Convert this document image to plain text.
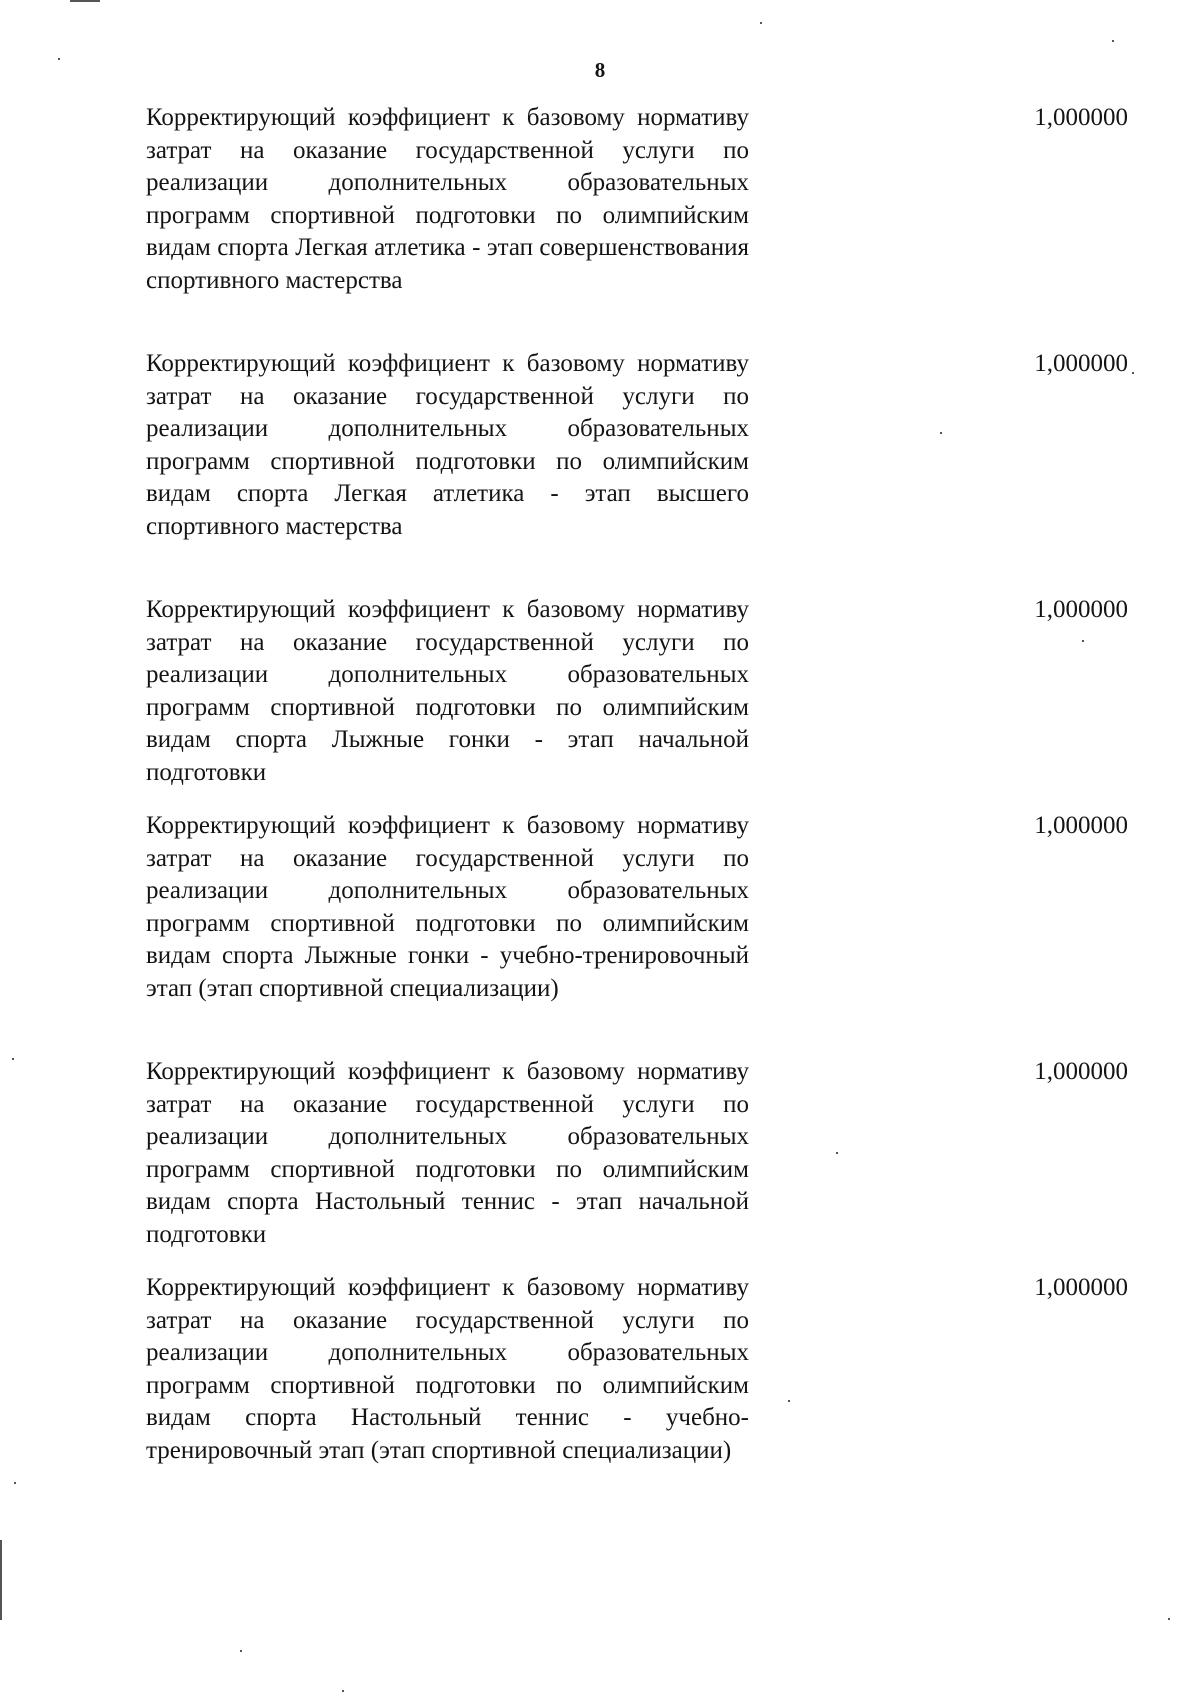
8
Корректирующий коэффициент к базовому нормативу затрат на оказание государственной услуги по реализации дополнительных образовательных программ спортивной подготовки по олимпийским видам спорта Легкая атлетика - этап совершенствования спортивного мастерства
1,000000
Корректирующий коэффициент к базовому нормативу затрат на оказание государственной услуги по реализации дополнительных образовательных программ спортивной подготовки по олимпийским видам спорта Легкая атлетика - этап высшего спортивного мастерства
1,000000
Корректирующий коэффициент к базовому нормативу затрат на оказание государственной услуги по реализации дополнительных образовательных программ спортивной подготовки по олимпийским видам спорта Лыжные гонки - этап начальной подготовки
1,000000
Корректирующий коэффициент к базовому нормативу затрат на оказание государственной услуги по реализации дополнительных образовательных программ спортивной подготовки по олимпийским видам спорта Лыжные гонки - учебно-тренировочный этап (этап спортивной специализации)
1,000000
Корректирующий коэффициент к базовому нормативу затрат на оказание государственной услуги по реализации дополнительных образовательных программ спортивной подготовки по олимпийским видам спорта Настольный теннис - этап начальной подготовки
1,000000
Корректирующий коэффициент к базовому нормативу затрат на оказание государственной услуги по реализации дополнительных образовательных программ спортивной подготовки по олимпийским видам спорта Настольный теннис - учебно-тренировочный этап (этап спортивной специализации)
1,000000
